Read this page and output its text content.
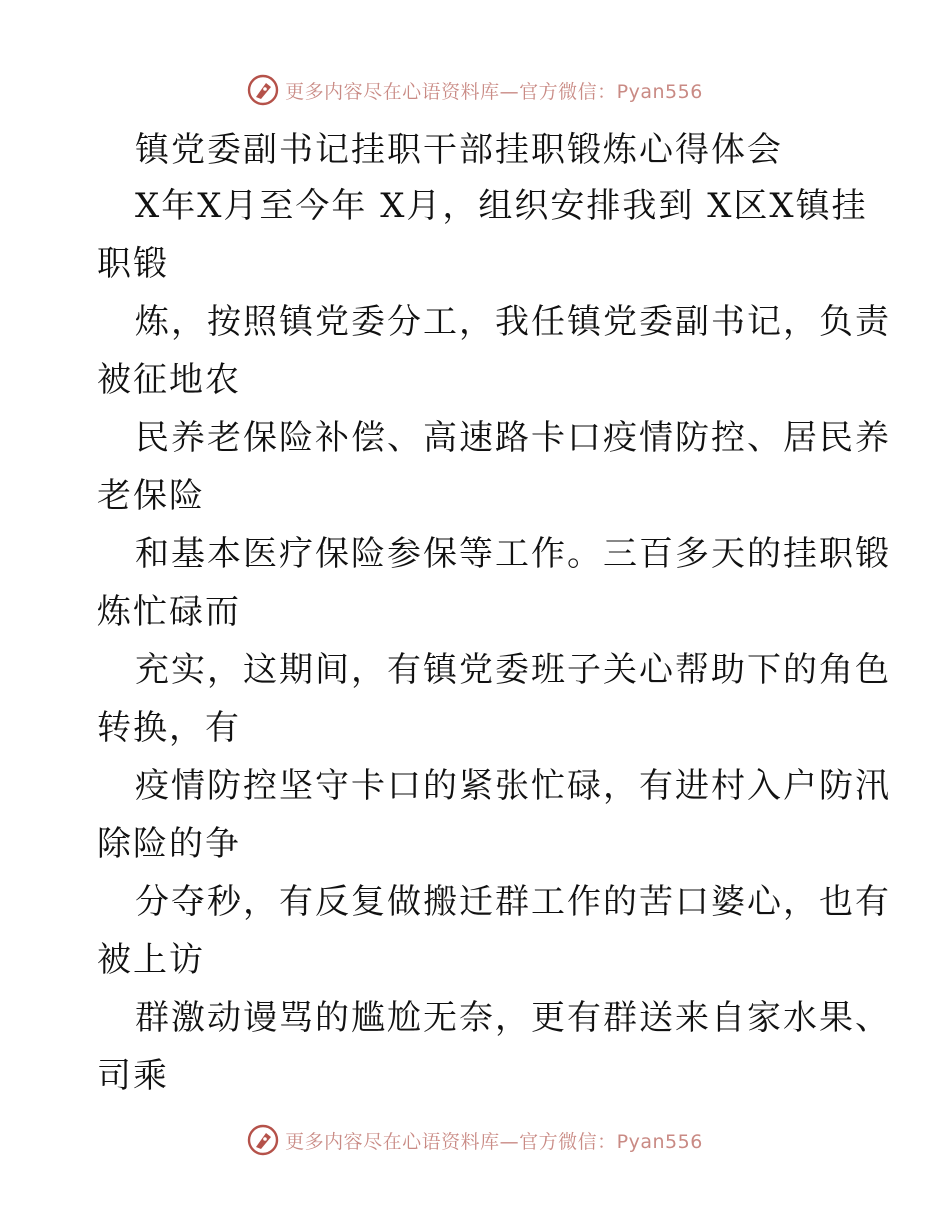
更多内容尽在心语资料库—官方微信：Pyan556
镇党委副书记挂职干部挂职锻炼心得体会
X年X月至今年 X月，组织安排我到 X区X镇挂
职锻
炼，按照镇党委分工，我任镇党委副书记，负责
被征地农
民养老保险补偿、高速路卡口疫情防控、居民养
老保险
和基本医疗保险参保等工作。三百多天的挂职锻
炼忙碌而
充实，这期间，有镇党委班子关心帮助下的角色
转换，有
疫情防控坚守卡口的紧张忙碌，有进村入户防汛
除险的争
分夺秒，有反复做搬迁群工作的苦口婆心，也有
被上访
群激动谩骂的尴尬无奈，更有群送来自家水果、
司乘
更多内容尽在心语资料库—官方微信：Pyan556
